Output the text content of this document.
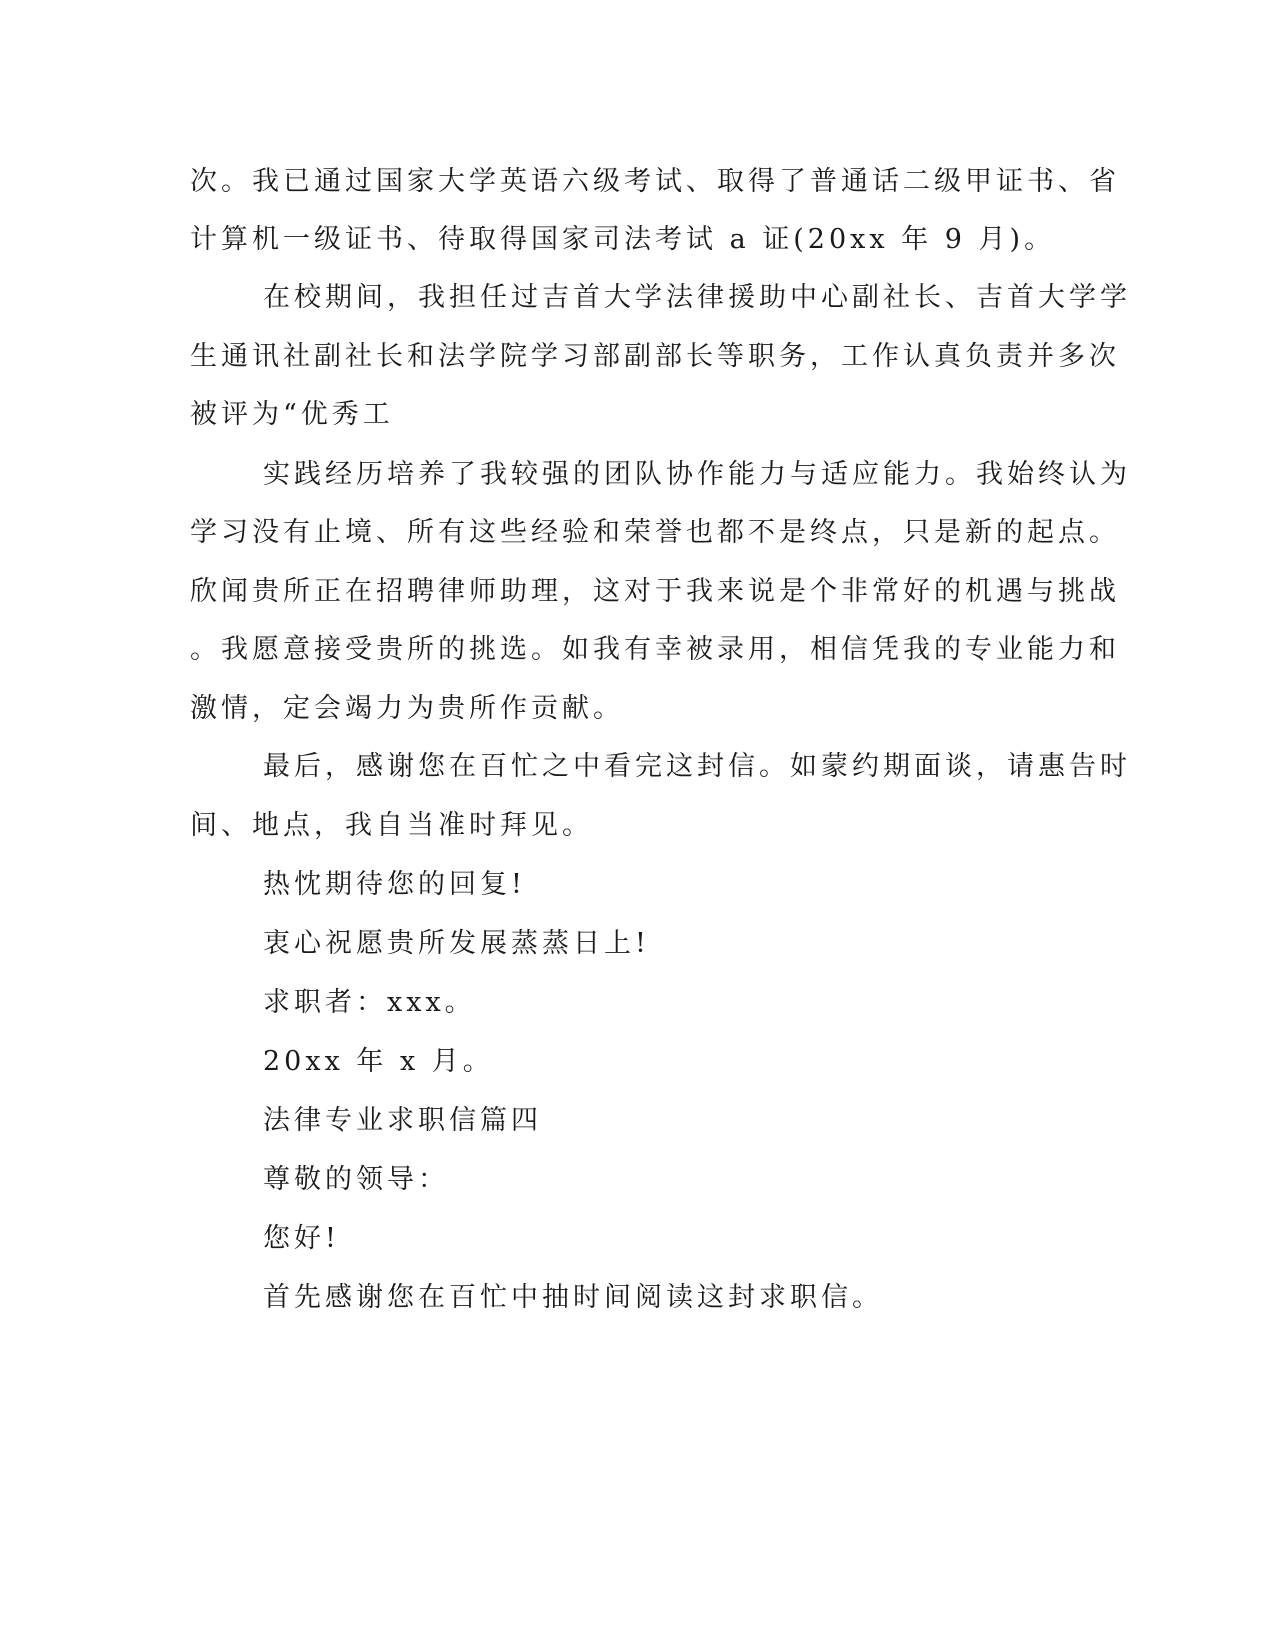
次。我已通过国家大学英语六级考试、取得了普通话二级甲证书、省
计算机一级证书、待取得国家司法考试 a 证(20xx 年 9 月)。
在校期间，我担任过吉首大学法律援助中心副社长、吉首大学学
生通讯社副社长和法学院学习部副部长等职务，工作认真负责并多次
被评为“优秀工
实践经历培养了我较强的团队协作能力与适应能力。我始终认为
学习没有止境、所有这些经验和荣誉也都不是终点，只是新的起点。
欣闻贵所正在招聘律师助理，这对于我来说是个非常好的机遇与挑战
。我愿意接受贵所的挑选。如我有幸被录用，相信凭我的专业能力和
激情，定会竭力为贵所作贡献。
最后，感谢您在百忙之中看完这封信。如蒙约期面谈，请惠告时
间、地点，我自当准时拜见。
热忱期待您的回复!
衷心祝愿贵所发展蒸蒸日上!
求职者：xxx。
20xx 年 x 月。
法律专业求职信篇四
尊敬的领导：
您好!
首先感谢您在百忙中抽时间阅读这封求职信。
